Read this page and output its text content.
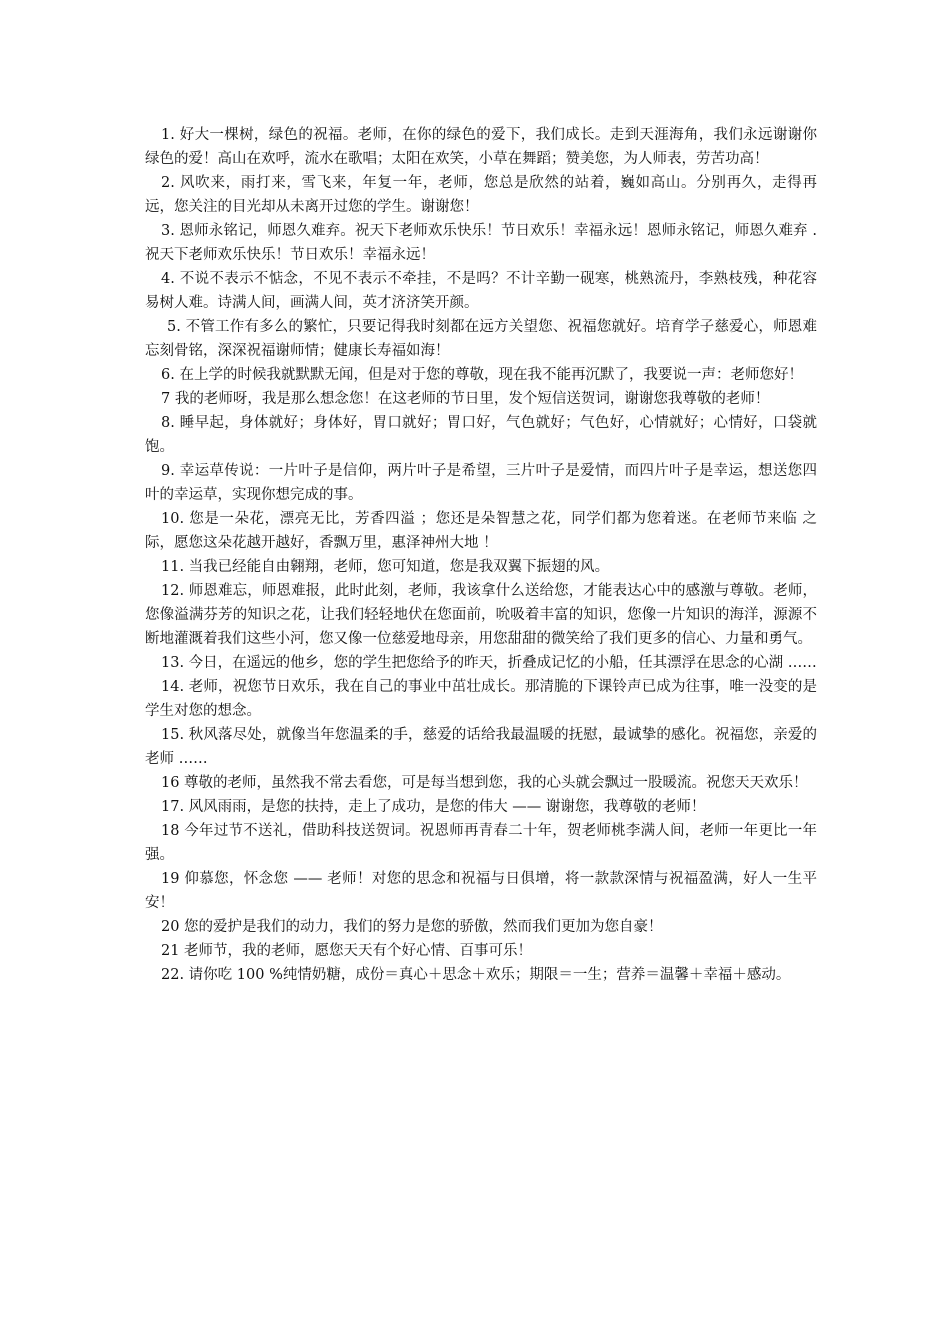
1. 好大一棵树，绿色的祝福。老师，在你的绿色的爱下，我们成长。走到天涯海角，我们永远谢谢你绿色的爱！高山在欢呼，流水在歌唱；太阳在欢笑，小草在舞蹈；赞美您，为人师表，劳苦功高！

2. 风吹来，雨打来，雪飞来，年复一年，老师，您总是欣然的站着，巍如高山。分别再久，走得再远，您关注的目光却从未离开过您的学生。谢谢您！

3. 恩师永铭记，师恩久难弃。祝天下老师欢乐快乐！节日欢乐！幸福永远！恩师永铭记，师恩久难弃 . 祝天下老师欢乐快乐！节日欢乐！幸福永远！

4. 不说不表示不惦念，不见不表示不牵挂，不是吗？不计辛勤一砚寒，桃熟流丹，李熟枝残，种花容易树人难。诗满人间，画满人间，英才济济笑开颜。

5. 不管工作有多么的繁忙，只要记得我时刻都在远方关望您、祝福您就好。培育学子慈爱心，师恩难忘刻骨铭，深深祝福谢师情；健康长寿福如海！

6. 在上学的时候我就默默无闻，但是对于您的尊敬，现在我不能再沉默了，我要说一声：老师您好！

7 我的老师呀，我是那么想念您！在这老师的节日里，发个短信送贺词，谢谢您我尊敬的老师！

8. 睡早起，身体就好；身体好，胃口就好；胃口好，气色就好；气色好，心情就好；心情好，口袋就饱。

9. 幸运草传说：一片叶子是信仰，两片叶子是希望，三片叶子是爱情，而四片叶子是幸运，想送您四叶的幸运草，实现你想完成的事。

10. 您是一朵花，漂亮无比，芳香四溢 ；您还是朵智慧之花，同学们都为您着迷。在老师节来临 之际，愿您这朵花越开越好，香飘万里，惠泽神州大地 ！

11. 当我已经能自由翱翔，老师，您可知道，您是我双翼下振翅的风。

12. 师恩难忘，师恩难报，此时此刻，老师，我该拿什么送给您，才能表达心中的感激与尊敬。老师，您像溢满芬芳的知识之花，让我们轻轻地伏在您面前，吮吸着丰富的知识，您像一片知识的海洋，源源不断地灌溉着我们这些小河，您又像一位慈爱地母亲，用您甜甜的微笑给了我们更多的信心、力量和勇气。

13. 今日，在遥远的他乡，您的学生把您给予的昨天，折叠成记忆的小船，任其漂浮在思念的心湖 ……

14. 老师，祝您节日欢乐，我在自己的事业中茁壮成长。那清脆的下课铃声已成为往事，唯一没变的是学生对您的想念。

15. 秋风落尽处，就像当年您温柔的手，慈爱的话给我最温暖的抚慰，最诚挚的感化。祝福您，亲爱的老师 ……

16 尊敬的老师，虽然我不常去看您，可是每当想到您，我的心头就会飘过一股暖流。祝您天天欢乐！

17. 风风雨雨，是您的扶持，走上了成功，是您的伟大 —— 谢谢您，我尊敬的老师！

18 今年过节不送礼，借助科技送贺词。祝恩师再青春二十年，贺老师桃李满人间，老师一年更比一年强。

19 仰慕您，怀念您 —— 老师！对您的思念和祝福与日俱增，将一款款深情与祝福盈满，好人一生平安！

20 您的爱护是我们的动力，我们的努力是您的骄傲，然而我们更加为您自豪！

21 老师节，我的老师，愿您天天有个好心情、百事可乐！

22. 请你吃 100 %纯情奶糖，成份＝真心＋思念＋欢乐；期限＝一生；营养＝温馨＋幸福＋感动。
